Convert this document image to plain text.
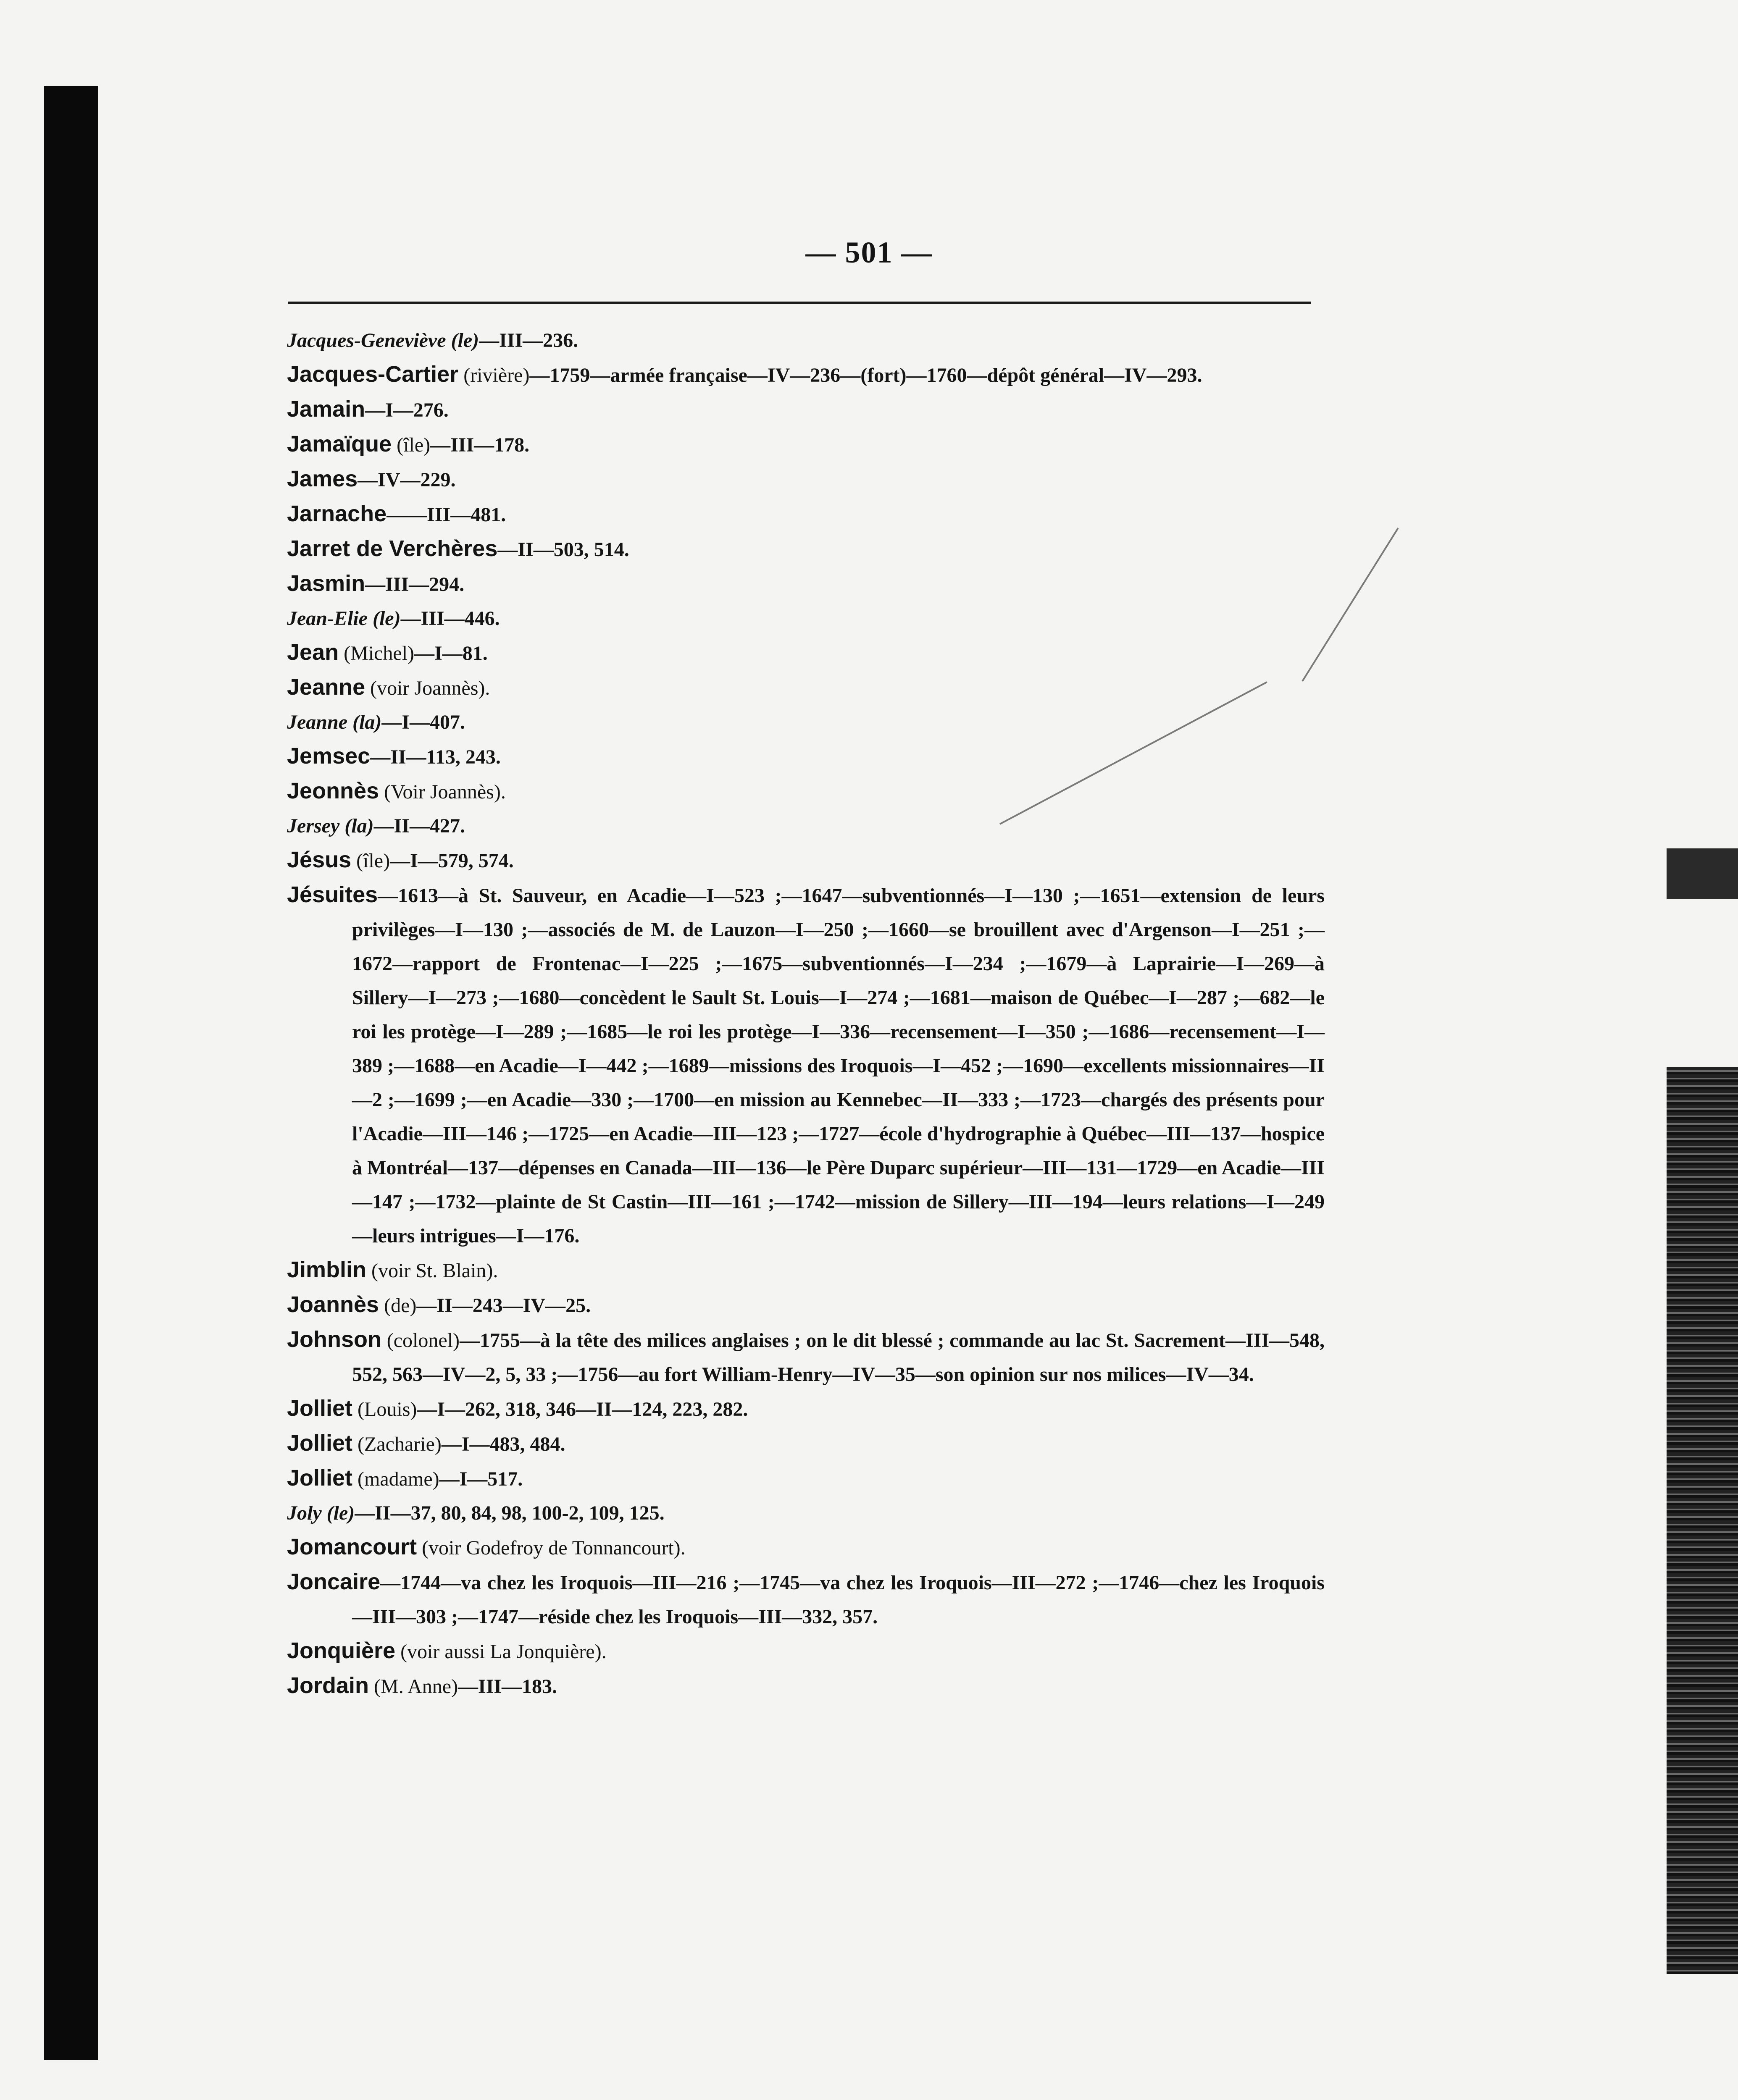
— 501 —
Jacques-Geneviève (le)—III—236.
Jacques-Cartier (rivière)—1759—armée française—IV—236—(fort)—1760—dépôt général—IV—293.
Jamain—I—276.
Jamaïque (île)—III—178.
James—IV—229.
Jarnache——III—481.
Jarret de Verchères—II—503, 514.
Jasmin—III—294.
Jean-Elie (le)—III—446.
Jean (Michel)—I—81.
Jeanne (voir Joannès).
Jeanne (la)—I—407.
Jemsec—II—113, 243.
Jeonnès (Voir Joannès).
Jersey (la)—II—427.
Jésus (île)—I—579, 574.
Jésuites—1613—à St. Sauveur, en Acadie—I—523 ;—1647—subventionnés—I—130 ;—1651—extension de leurs privilèges—I—130 ;—associés de M. de Lauzon—I—250 ;—1660—se brouillent avec d'Argenson—I—251 ;—1672—rapport de Frontenac—I—225 ;—1675—subventionnés—I—234 ;—1679—à Laprairie—I—269—à Sillery—I—273 ;—1680—concèdent le Sault St. Louis—I—274 ;—1681—maison de Québec—I—287 ;—682—le roi les protège—I—289 ;—1685—le roi les protège—I—336—recensement—I—350 ;—1686—recensement—I—389 ;—1688—en Acadie—I—442 ;—1689—missions des Iroquois—I—452 ;—1690—excellents missionnaires—II—2 ;—1699 ;—en Acadie—330 ;—1700—en mission au Kennebec—II—333 ;—1723—chargés des présents pour l'Acadie—III—146 ;—1725—en Acadie—III—123 ;—1727—école d'hydrographie à Québec—III—137—hospice à Montréal—137—dépenses en Canada—III—136—le Père Duparc supérieur—III—131—1729—en Acadie—III—147 ;—1732—plainte de St Castin—III—161 ;—1742—mission de Sillery—III—194—leurs relations—I—249—leurs intrigues—I—176.
Jimblin (voir St. Blain).
Joannès (de)—II—243—IV—25.
Johnson (colonel)—1755—à la tête des milices anglaises ; on le dit blessé ; commande au lac St. Sacrement—III—548, 552, 563—IV—2, 5, 33 ;—1756—au fort William-Henry—IV—35—son opinion sur nos milices—IV—34.
Jolliet (Louis)—I—262, 318, 346—II—124, 223, 282.
Jolliet (Zacharie)—I—483, 484.
Jolliet (madame)—I—517.
Joly (le)—II—37, 80, 84, 98, 100-2, 109, 125.
Jomancourt (voir Godefroy de Tonnancourt).
Joncaire—1744—va chez les Iroquois—III—216 ;—1745—va chez les Iroquois—III—272 ;—1746—chez les Iroquois—III—303 ;—1747—réside chez les Iroquois—III—332, 357.
Jonquière (voir aussi La Jonquière).
Jordain (M. Anne)—III—183.
